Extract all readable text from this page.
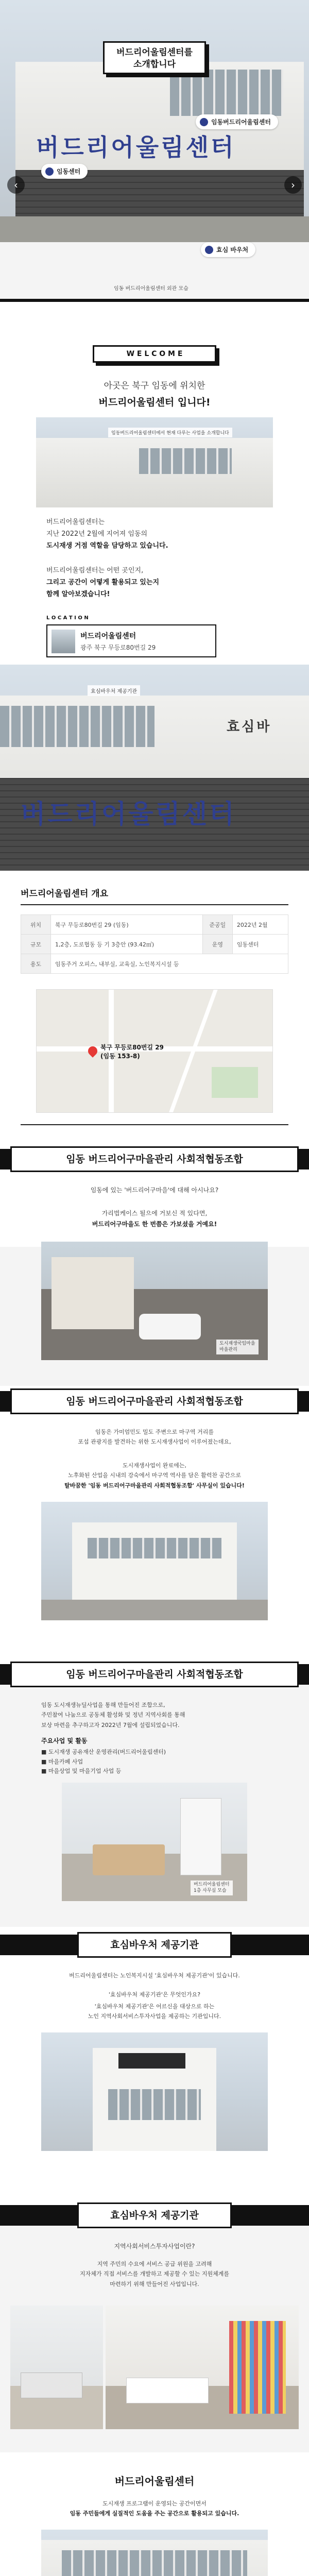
버드리어울림센터
버드리어울림센터를
소개합니다
임동버드리어울림센터
임동센터
효심 바우처
‹	›
임동 버드리어울림센터 외관 모습
W E L C O M E
아곳은 북구 임동에 위치한
버드리어울림센터 입니다!
임동버드리어울림센터에서 현재 다루는 사업을 소개합니다
버드리어울림센터는
지난 2022년 2월에 지어져 임동의
도시재생 거점 역할을 담당하고 있습니다.
버드리어울림센터는 어떤 곳인지,
그리고 공간이 어떻게 활용되고 있는지
함께 알아보겠습니다!
L O C A T I O N
버드리어울림센터
광주 북구 무등로80번길 29
효심바
버드리어울림센터
효심바우처 제공기관
버드리어울림센터 개요
위치	북구 무등로80번길 29 (임동)	준공일	2022년 2월
규모	1,2층, 도로협동 등 기 3층안 (93.42㎡)	운영	임동센터
용도	임동주거 오피스, 내부실, 교육실, 노인복지시설 등		
북구 무등로80번길 29
(임동 153-8)
임동 버드리어구마을관리 사회적협동조합
임동에 있는 '버드리어구마을'에 대해 아시나요?
가리법케이스 될으에 거보신 적 있다면,
버드리어구마을도 한 번쯤은 가보셨을 거예요!
도시재생국임마을
마을관리
임동 버드리어구마을관리 사회적협동조합
임동은 가미엄민도 밀도 주변으로 마구역 거리를
포섭 관광지를 발견하는 위한 도시재생사업이 이루어졌는데요,
도시재생사업이 완료에는,
노후화된 산업을 시내의 강숙에서 마구역 역사를 담은 활력찬 공간으로
탈바꿈한 '임동 버드리어구마을관리 사회적협동조합' 사무실이 있습니다!
임동 버드리어구마을관리 사회적협동조합
임동 도시재생뉴딜사업을 통해 만들어진 조합으로,
주민참여 나눔으로 공동체 활성화 및 정년 지역사회를 통해
보상 마련을 추구하고자 2022년 7월에 설립되었습니다.
주요사업 및 활동
■ 도시재생 공유재산 운영관리(버드리어울림센터)
■ 마을카페 사업
■ 마을상업 및 마을기업 사업 등
버드리어울림센터
1층 사무실 모습
효심바우처 제공기관
버드리어울림센터는 노인복지시설 '효심바우처 제공기관'이 있습니다.
'효심바우처 제공기관'은 무엇인가요?
'효심바우처 제공기관'은 어르신을 대상으로 하는
노인 지역사회서비스투자사업을 제공하는 기관입니다.
효심바우처 제공기관
지역사회서비스투자사업이란?
지역 주민의 수요에 서비스 공급 위원을 고려해
지자체가 직접 서비스를 개발하고 제공할 수 있는 지원체계를
마련하기 위해 만들어진 사업입니다.
버드리어울림센터
도시재생 프로그램이 운영되는 공간이면서
임동 주민들에게 실질적인 도움을 주는 공간으로 활용되고 있습니다.
